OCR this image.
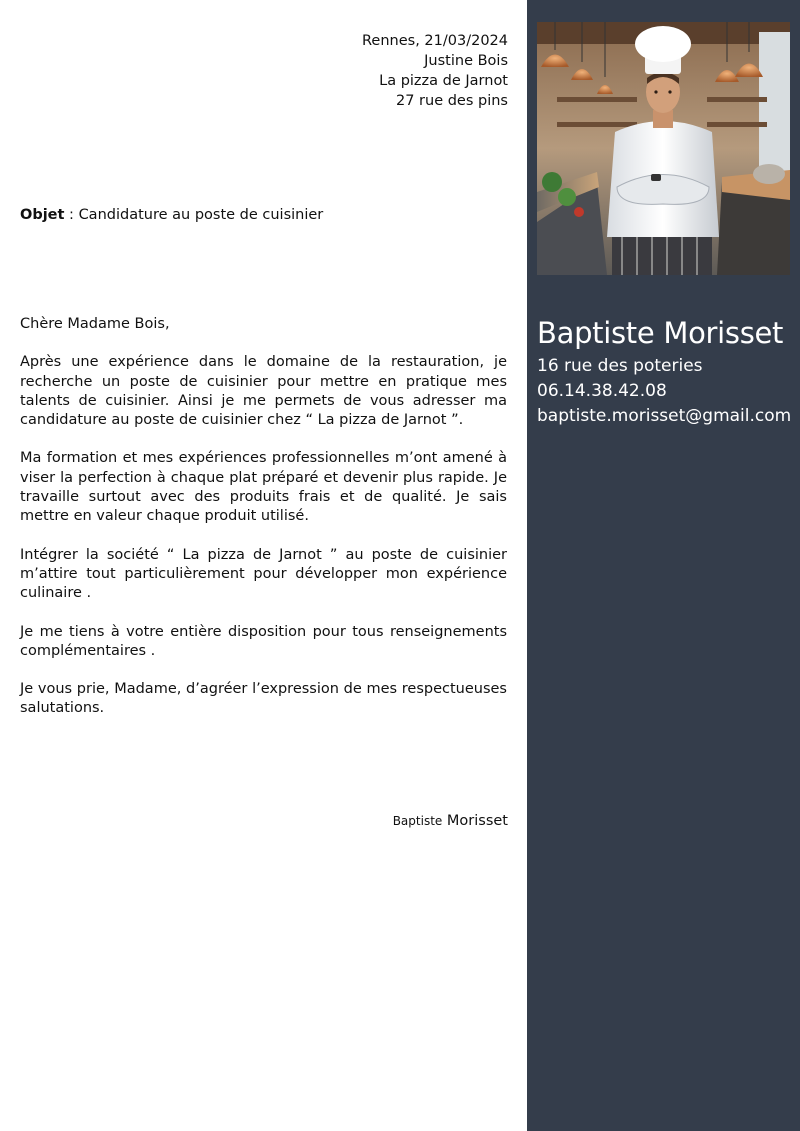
Rennes, 21/03/2024
Justine Bois
La pizza de Jarnot
27 rue des pins
Objet : Candidature au poste de cuisinier
Chère Madame Bois,

Après une expérience dans le domaine de la restauration, je recherche un poste de cuisinier pour mettre en pratique mes talents de cuisinier. Ainsi je me permets de vous adresser ma candidature au poste de cuisinier chez “ La pizza de Jarnot ”.

Ma formation et mes expériences professionnelles m’ont amené à viser la perfection à chaque plat préparé et devenir plus rapide. Je travaille surtout avec des produits frais et de qualité. Je sais mettre en valeur chaque produit utilisé.

Intégrer la société “ La pizza de Jarnot ” au poste de cuisinier m’attire tout particulièrement pour développer mon expérience culinaire .

Je me tiens à votre entière disposition pour tous renseignements complémentaires .

Je vous prie, Madame, d’agréer l’expression de mes respectueuses salutations.

Baptiste Morisset
Baptiste Morisset
16 rue des poteries
06.14.38.42.08
baptiste.morisset@gmail.com
